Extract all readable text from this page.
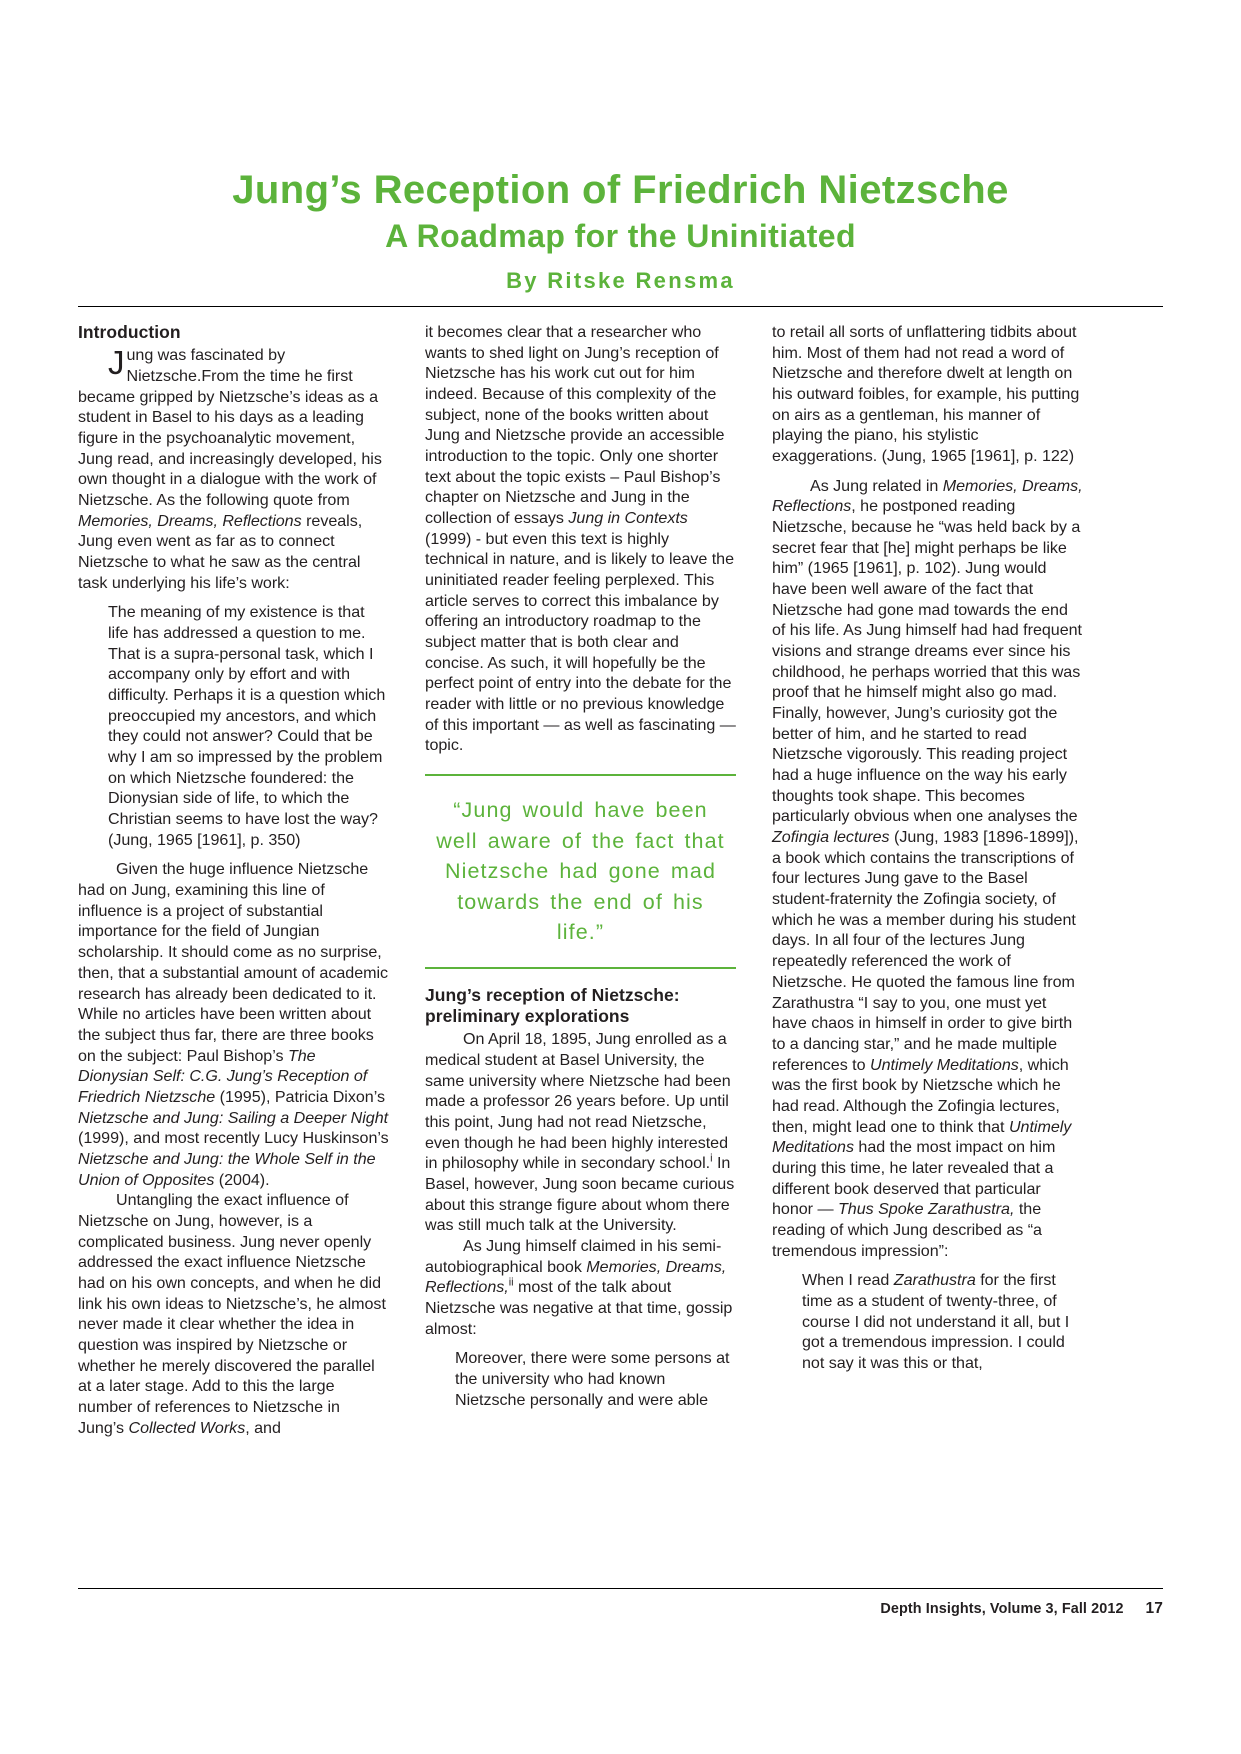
Jung’s Reception of Friedrich Nietzsche
A Roadmap for the Uninitiated
By Ritske Rensma
Introduction

Jung was fascinated by Nietzsche.From the time he first became gripped by Nietzsche’s ideas as a student in Basel to his days as a leading figure in the psychoanalytic movement, Jung read, and increasingly developed, his own thought in a dialogue with the work of Nietzsche. As the following quote from Memories, Dreams, Reflections reveals, Jung even went as far as to connect Nietzsche to what he saw as the central task underlying his life’s work:

The meaning of my existence is that life has addressed a question to me. That is a supra-personal task, which I accompany only by effort and with difficulty. Perhaps it is a question which preoccupied my ancestors, and which they could not answer? Could that be why I am so impressed by the problem on which Nietzsche foundered: the Dionysian side of life, to which the Christian seems to have lost the way? (Jung, 1965 [1961], p. 350)

Given the huge influence Nietzsche had on Jung, examining this line of influence is a project of substantial importance for the field of Jungian scholarship. It should come as no surprise, then, that a substantial amount of academic research has already been dedicated to it. While no articles have been written about the subject thus far, there are three books on the subject: Paul Bishop’s The Dionysian Self: C.G. Jung’s Reception of Friedrich Nietzsche (1995), Patricia Dixon’s Nietzsche and Jung: Sailing a Deeper Night (1999), and most recently Lucy Huskinson’s Nietzsche and Jung: the Whole Self in the Union of Opposites (2004).

Untangling the exact influence of Nietzsche on Jung, however, is a complicated business. Jung never openly addressed the exact influence Nietzsche had on his own concepts, and when he did link his own ideas to Nietzsche’s, he almost never made it clear whether the idea in question was inspired by Nietzsche or whether he merely discovered the parallel at a later stage. Add to this the large number of references to Nietzsche in Jung’s Collected Works, and

it becomes clear that a researcher who wants to shed light on Jung’s reception of Nietzsche has his work cut out for him indeed. Because of this complexity of the subject, none of the books written about Jung and Nietzsche provide an accessible introduction to the topic. Only one shorter text about the topic exists – Paul Bishop’s chapter on Nietzsche and Jung in the collection of essays Jung in Contexts (1999) - but even this text is highly technical in nature, and is likely to leave the uninitiated reader feeling perplexed. This article serves to correct this imbalance by offering an introductory roadmap to the subject matter that is both clear and concise. As such, it will hopefully be the perfect point of entry into the debate for the reader with little or no previous knowledge of this important — as well as fascinating — topic.

“Jung would have been well aware of the fact that Nietzsche had gone mad towards the end of his life.”

Jung’s reception of Nietzsche: preliminary explorations

On April 18, 1895, Jung enrolled as a medical student at Basel University, the same university where Nietzsche had been made a professor 26 years before. Up until this point, Jung had not read Nietzsche, even though he had been highly interested in philosophy while in secondary school.$^i$ In Basel, however, Jung soon became curious about this strange figure about whom there was still much talk at the University.

As Jung himself claimed in his semi-autobiographical book Memories, Dreams, Reflections,$^{ii}$ most of the talk about Nietzsche was negative at that time, gossip almost:

Moreover, there were some persons at the university who had known Nietzsche personally and were able

to retail all sorts of unflattering tidbits about him. Most of them had not read a word of Nietzsche and therefore dwelt at length on his outward foibles, for example, his putting on airs as a gentleman, his manner of playing the piano, his stylistic exaggerations. (Jung, 1965 [1961], p. 122)

As Jung related in Memories, Dreams, Reflections, he postponed reading Nietzsche, because he “was held back by a secret fear that [he] might perhaps be like him” (1965 [1961], p. 102). Jung would have been well aware of the fact that Nietzsche had gone mad towards the end of his life. As Jung himself had had frequent visions and strange dreams ever since his childhood, he perhaps worried that this was proof that he himself might also go mad. Finally, however, Jung’s curiosity got the better of him, and he started to read Nietzsche vigorously. This reading project had a huge influence on the way his early thoughts took shape. This becomes particularly obvious when one analyses the Zofingia lectures (Jung, 1983 [1896-1899]), a book which contains the transcriptions of four lectures Jung gave to the Basel student-fraternity the Zofingia society, of which he was a member during his student days. In all four of the lectures Jung repeatedly referenced the work of Nietzsche. He quoted the famous line from Zarathustra “I say to you, one must yet have chaos in himself in order to give birth to a dancing star,” and he made multiple references to Untimely Meditations, which was the first book by Nietzsche which he had read. Although the Zofingia lectures, then, might lead one to think that Untimely Meditations had the most impact on him during this time, he later revealed that a different book deserved that particular honor — Thus Spoke Zarathustra, the reading of which Jung described as “a tremendous impression”:

When I read Zarathustra for the first time as a student of twenty-three, of course I did not understand it all, but I got a tremendous impression. I could not say it was this or that,

Depth Insights, Volume 3, Fall 2012 17
